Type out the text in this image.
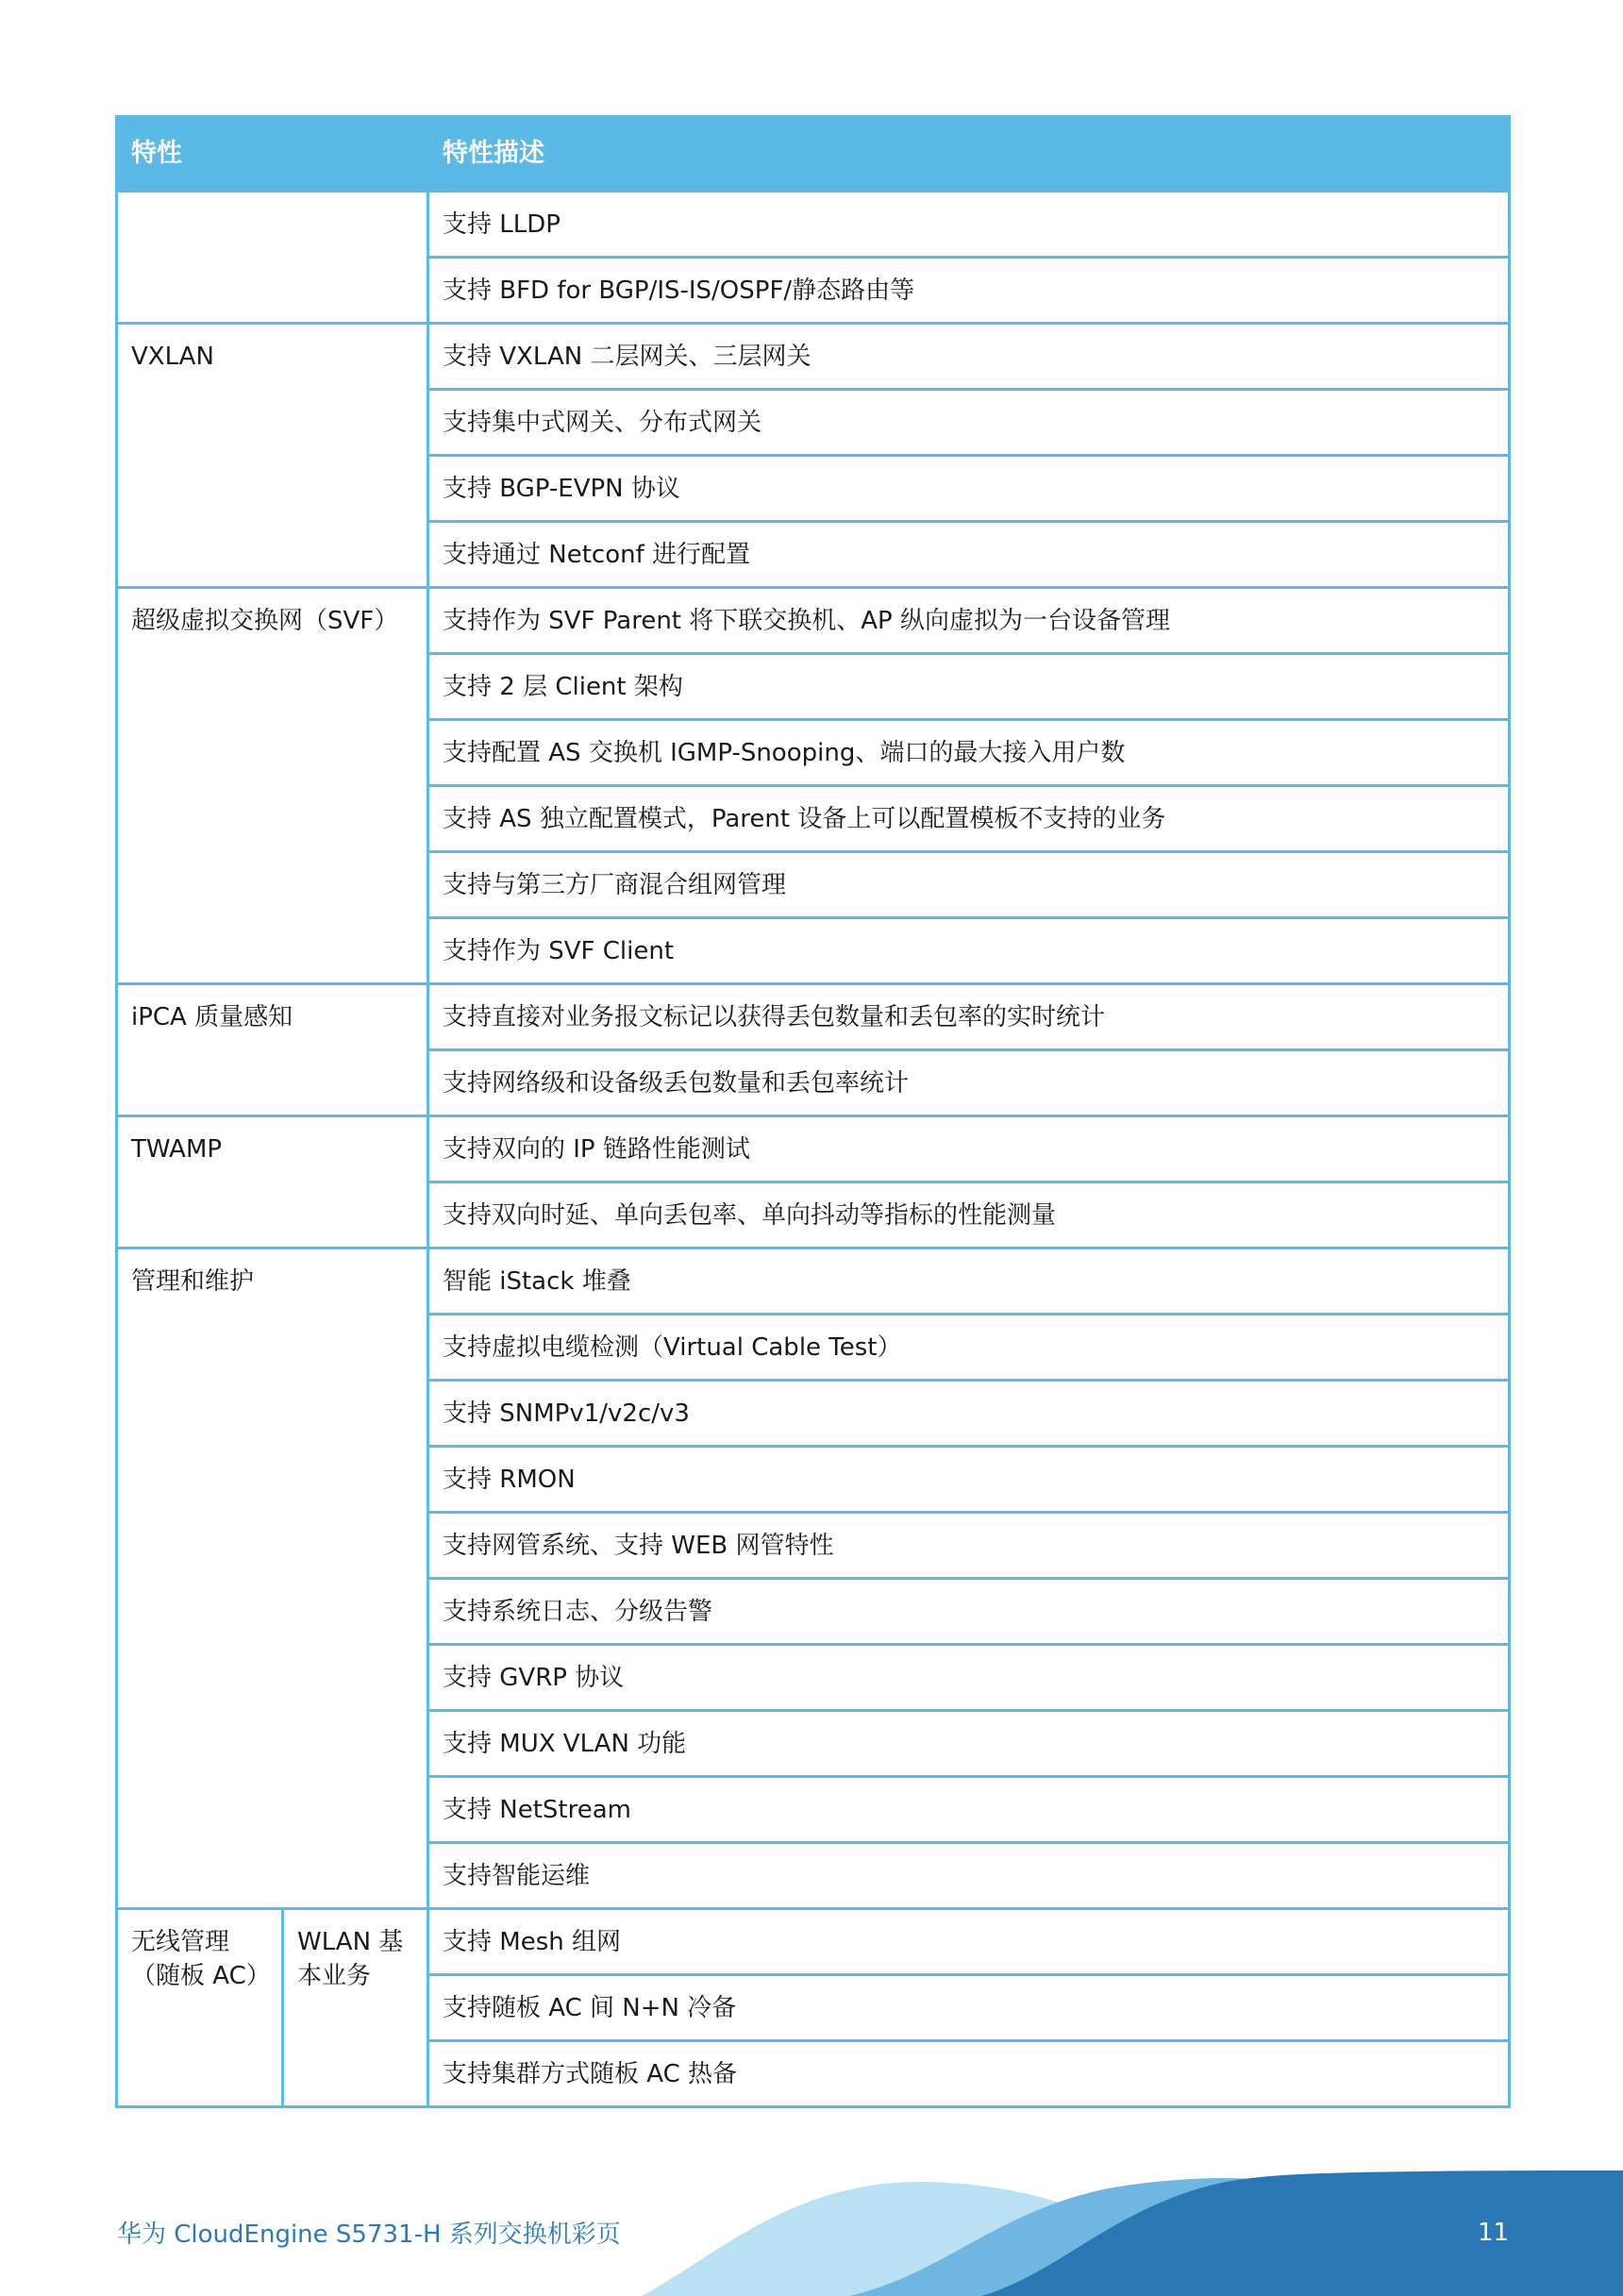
特性		特性描述
		支持 LLDP
		支持 BFD for BGP/IS-IS/OSPF/静态路由等
VXLAN		支持 VXLAN 二层网关、三层网关
		支持集中式网关、分布式网关
		支持 BGP-EVPN 协议
		支持通过 Netconf 进行配置
超级虚拟交换网（SVF）		支持作为 SVF Parent 将下联交换机、AP 纵向虚拟为一台设备管理
		支持 2 层 Client 架构
		支持配置 AS 交换机 IGMP-Snooping、端口的最大接入用户数
		支持 AS 独立配置模式，Parent 设备上可以配置模板不支持的业务
		支持与第三方厂商混合组网管理
		支持作为 SVF Client
iPCA 质量感知		支持直接对业务报文标记以获得丢包数量和丢包率的实时统计
		支持网络级和设备级丢包数量和丢包率统计
TWAMP		支持双向的 IP 链路性能测试
		支持双向时延、单向丢包率、单向抖动等指标的性能测量
管理和维护		智能 iStack 堆叠
		支持虚拟电缆检测（Virtual Cable Test）
		支持 SNMPv1/v2c/v3
		支持 RMON
		支持网管系统、支持 WEB 网管特性
		支持系统日志、分级告警
		支持 GVRP 协议
		支持 MUX VLAN 功能
		支持 NetStream
		支持智能运维
无线管理（随板 AC）	WLAN 基本业务	支持 Mesh 组网
		支持随板 AC 间 N+N 冷备
		支持集群方式随板 AC 热备
华为 CloudEngine S5731-H 系列交换机彩页	11
